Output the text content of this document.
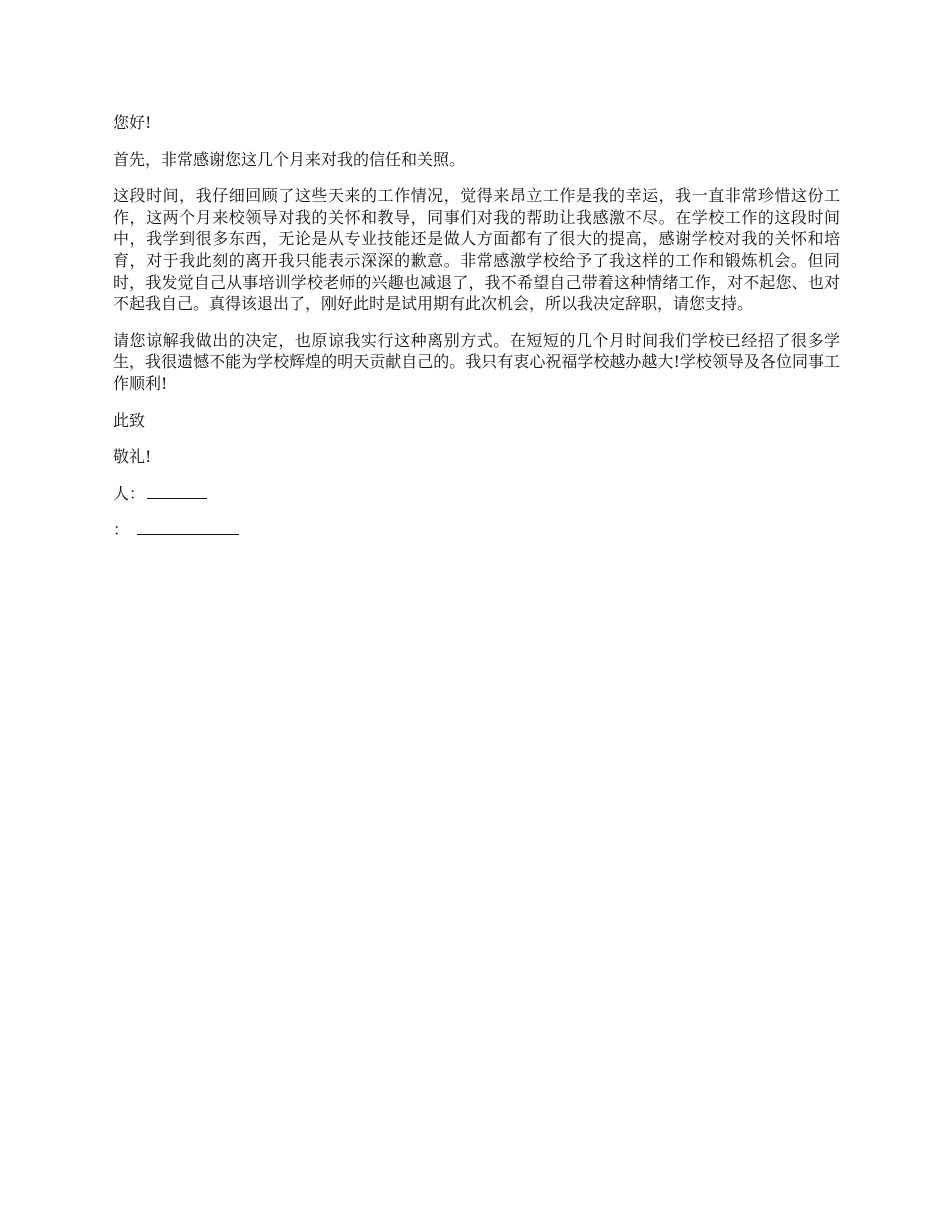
您好!

首先，非常感谢您这几个月来对我的信任和关照。

这段时间，我仔细回顾了这些天来的工作情况，觉得来昂立工作是我的幸运，我一直非常珍惜这份工作，这两个月来校领导对我的关怀和教导，同事们对我的帮助让我感激不尽。在学校工作的这段时间中，我学到很多东西，无论是从专业技能还是做人方面都有了很大的提高，感谢学校对我的关怀和培育，对于我此刻的离开我只能表示深深的歉意。非常感激学校给予了我这样的工作和锻炼机会。但同时，我发觉自己从事培训学校老师的兴趣也减退了，我不希望自己带着这种情绪工作，对不起您、也对不起我自己。真得该退出了，刚好此时是试用期有此次机会，所以我决定辞职，请您支持。

请您谅解我做出的决定，也原谅我实行这种离别方式。在短短的几个月时间我们学校已经招了很多学生，我很遗憾不能为学校辉煌的明天贡献自己的。我只有衷心祝福学校越办越大!学校领导及各位同事工作顺利!

此致

敬礼!

人：

：
